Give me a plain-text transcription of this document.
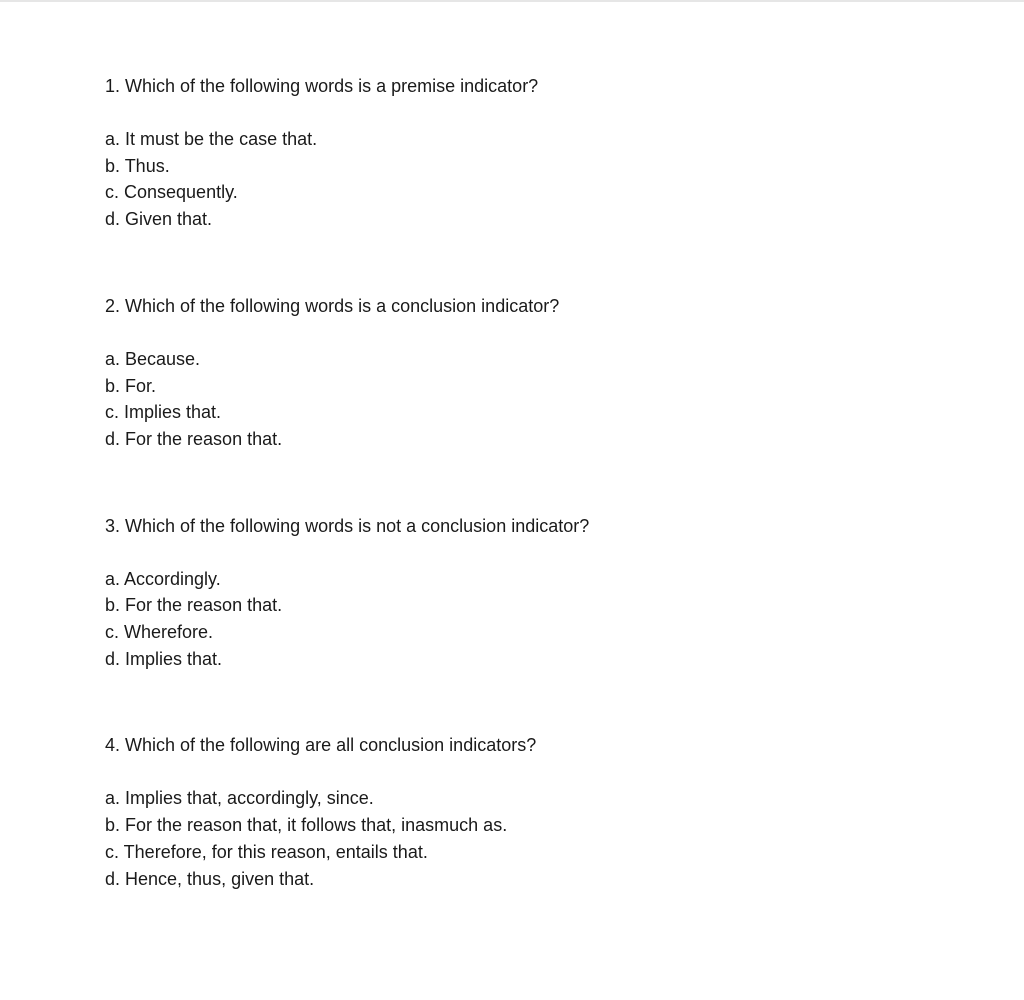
1. Which of the following words is a premise indicator?

a. It must be the case that.
b. Thus.
c. Consequently.
d. Given that.

2. Which of the following words is a conclusion indicator?

a. Because.
b. For.
c. Implies that.
d. For the reason that.

3. Which of the following words is not a conclusion indicator?

a. Accordingly.
b. For the reason that.
c. Wherefore.
d. Implies that.

4. Which of the following are all conclusion indicators?

a. Implies that, accordingly, since.
b. For the reason that, it follows that, inasmuch as.
c. Therefore, for this reason, entails that.
d. Hence, thus, given that.
